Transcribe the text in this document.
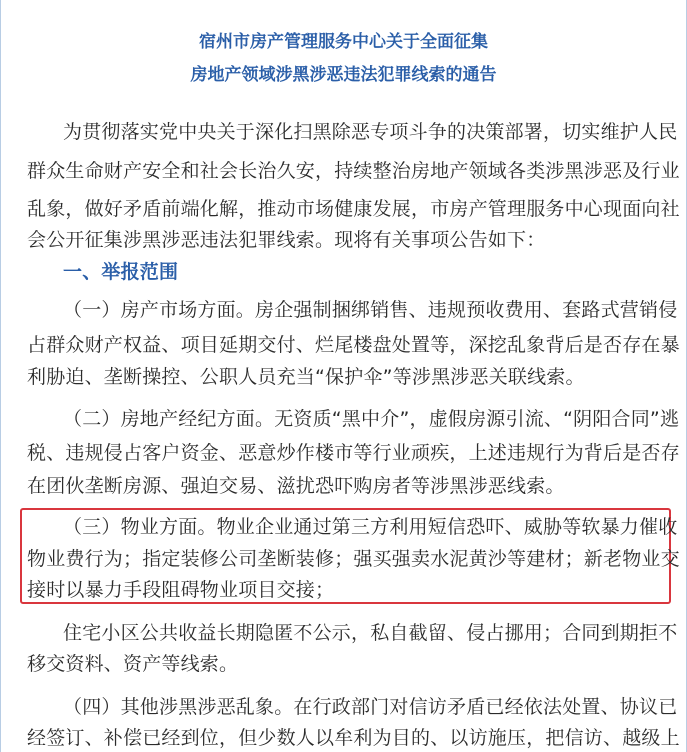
宿州市房产管理服务中心关于全面征集
房地产领域涉黑涉恶违法犯罪线索的通告
为贯彻落实党中央关于深化扫黑除恶专项斗争的决策部署，切实维护人民
群众生命财产安全和社会长治久安，持续整治房地产领域各类涉黑涉恶及行业
乱象，做好矛盾前端化解，推动市场健康发展，市房产管理服务中心现面向社
会公开征集涉黑涉恶违法犯罪线索。现将有关事项公告如下：
一、举报范围
（一）房产市场方面。房企强制捆绑销售、违规预收费用、套路式营销侵
占群众财产权益、项目延期交付、烂尾楼盘处置等，深挖乱象背后是否存在暴
利胁迫、垄断操控、公职人员充当“保护伞”等涉黑涉恶关联线索。
（二）房地产经纪方面。无资质“黑中介”，虚假房源引流、“阴阳合同”逃
税、违规侵占客户资金、恶意炒作楼市等行业顽疾，上述违规行为背后是否存
在团伙垄断房源、强迫交易、滋扰恐吓购房者等涉黑涉恶线索。
（三）物业方面。物业企业通过第三方利用短信恐吓、威胁等软暴力催收
物业费行为；指定装修公司垄断装修；强买强卖水泥黄沙等建材；新老物业交
接时以暴力手段阻碍物业项目交接；
住宅小区公共收益长期隐匿不公示，私自截留、侵占挪用；合同到期拒不
移交资料、资产等线索。
（四）其他涉黑涉恶乱象。在行政部门对信访矛盾已经依法处置、协议已
经签订、补偿已经到位，但少数人以牟利为目的、以访施压，把信访、越级上
